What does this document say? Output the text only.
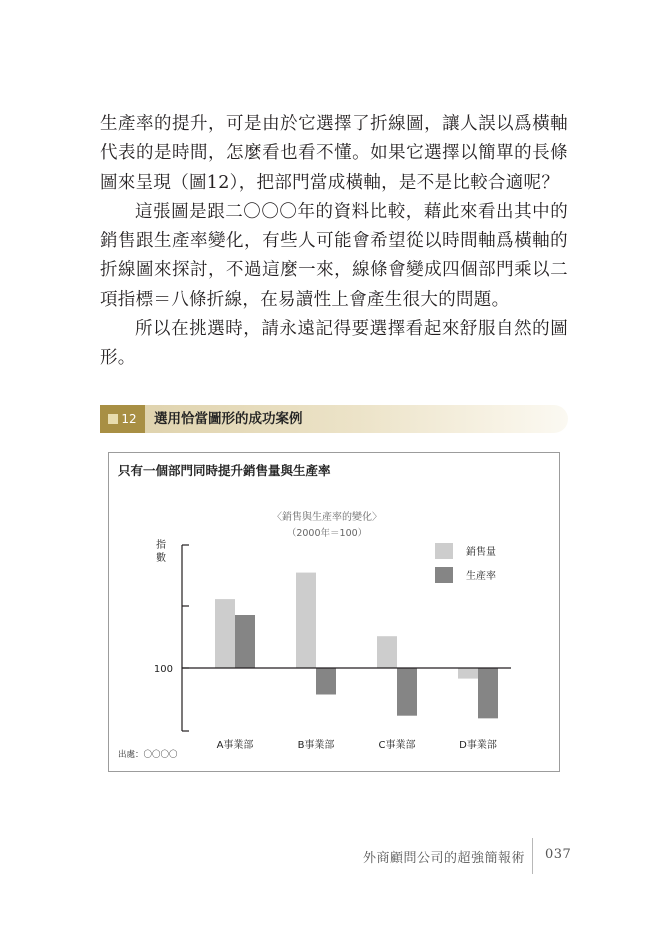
生產率的提升，可是由於它選擇了折線圖，讓人誤以爲橫軸代表的是時間，怎麼看也看不懂。如果它選擇以簡單的長條圖來呈現（圖12），把部門當成橫軸，是不是比較合適呢？

這張圖是跟二〇〇〇年的資料比較，藉此來看出其中的銷售跟生產率變化，有些人可能會希望從以時間軸爲橫軸的折線圖來探討，不過這麼一來，線條會變成四個部門乘以二項指標＝八條折線，在易讀性上會產生很大的問題。

所以在挑選時，請永遠記得要選擇看起來舒服自然的圖形。

12 選用恰當圖形的成功案例
只有一個部門同時提升銷售量與生產率
〈銷售與生產率的變化〉
（2000年＝100）
指數
100
出處：〇〇〇〇
A事業部	B事業部	C事業部	D事業部
銷售量
生產率
外商顧問公司的超強簡報術 037
